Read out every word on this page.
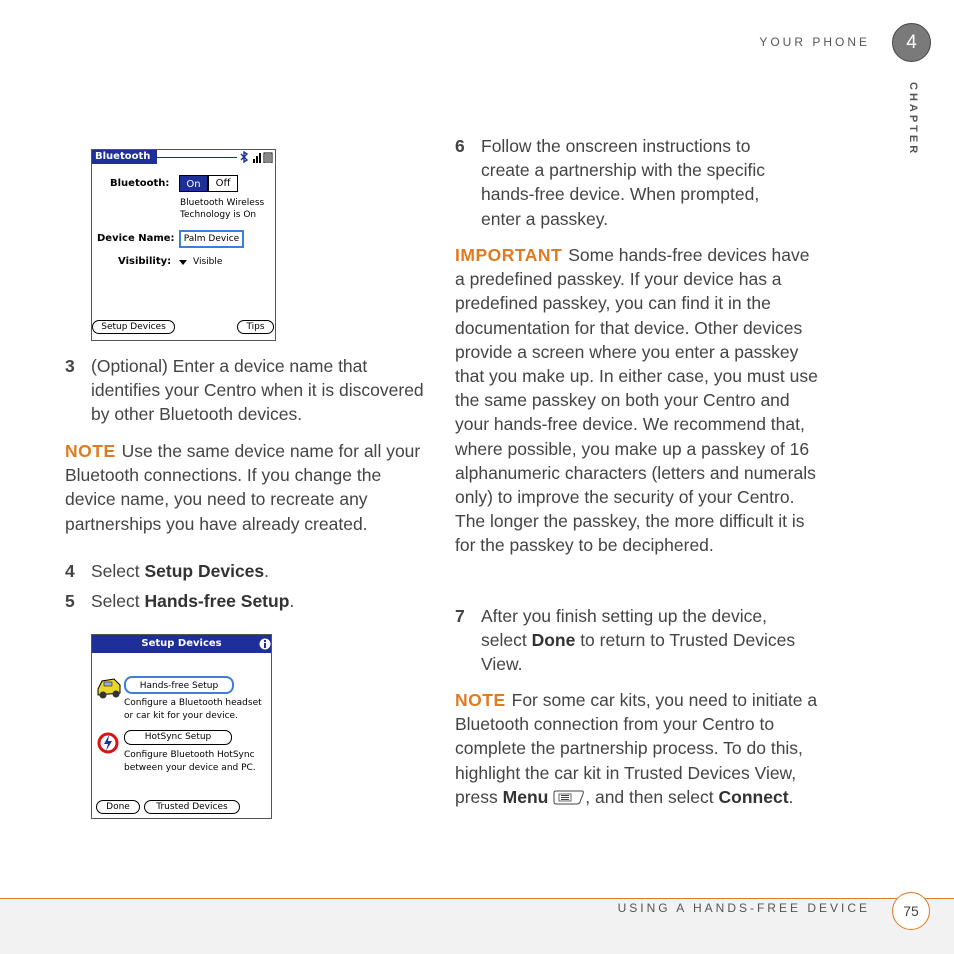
YOUR PHONE	4
CHAPTER
Bluetooth
Bluetooth:	On	Off
Bluetooth Wireless
Technology is On
Device Name:	Palm Device
Visibility: Visible
Setup Devices	Tips
3 (Optional) Enter a device name that identifies your Centro when it is discovered by other Bluetooth devices.
NOTE Use the same device name for all your Bluetooth connections. If you change the device name, you need to recreate any partnerships you have already created.
4 Select Setup Devices.
5 Select Hands-free Setup.
Setup Devices
Hands-free Setup
Configure a Bluetooth headset
or car kit for your device.
HotSync Setup
Configure Bluetooth HotSync
between your device and PC.
Done	Trusted Devices
6 Follow the onscreen instructions to create a partnership with the specific hands-free device. When prompted, enter a passkey.
IMPORTANT Some hands-free devices have a predefined passkey. If your device has a predefined passkey, you can find it in the documentation for that device. Other devices provide a screen where you enter a passkey that you make up. In either case, you must use the same passkey on both your Centro and your hands-free device. We recommend that, where possible, you make up a passkey of 16 alphanumeric characters (letters and numerals only) to improve the security of your Centro. The longer the passkey, the more difficult it is for the passkey to be deciphered.
7 After you finish setting up the device, select Done to return to Trusted Devices View.
NOTE For some car kits, you need to initiate a Bluetooth connection from your Centro to complete the partnership process. To do this, highlight the car kit in Trusted Devices View, press Menu , and then select Connect.
USING A HANDS-FREE DEVICE	75
